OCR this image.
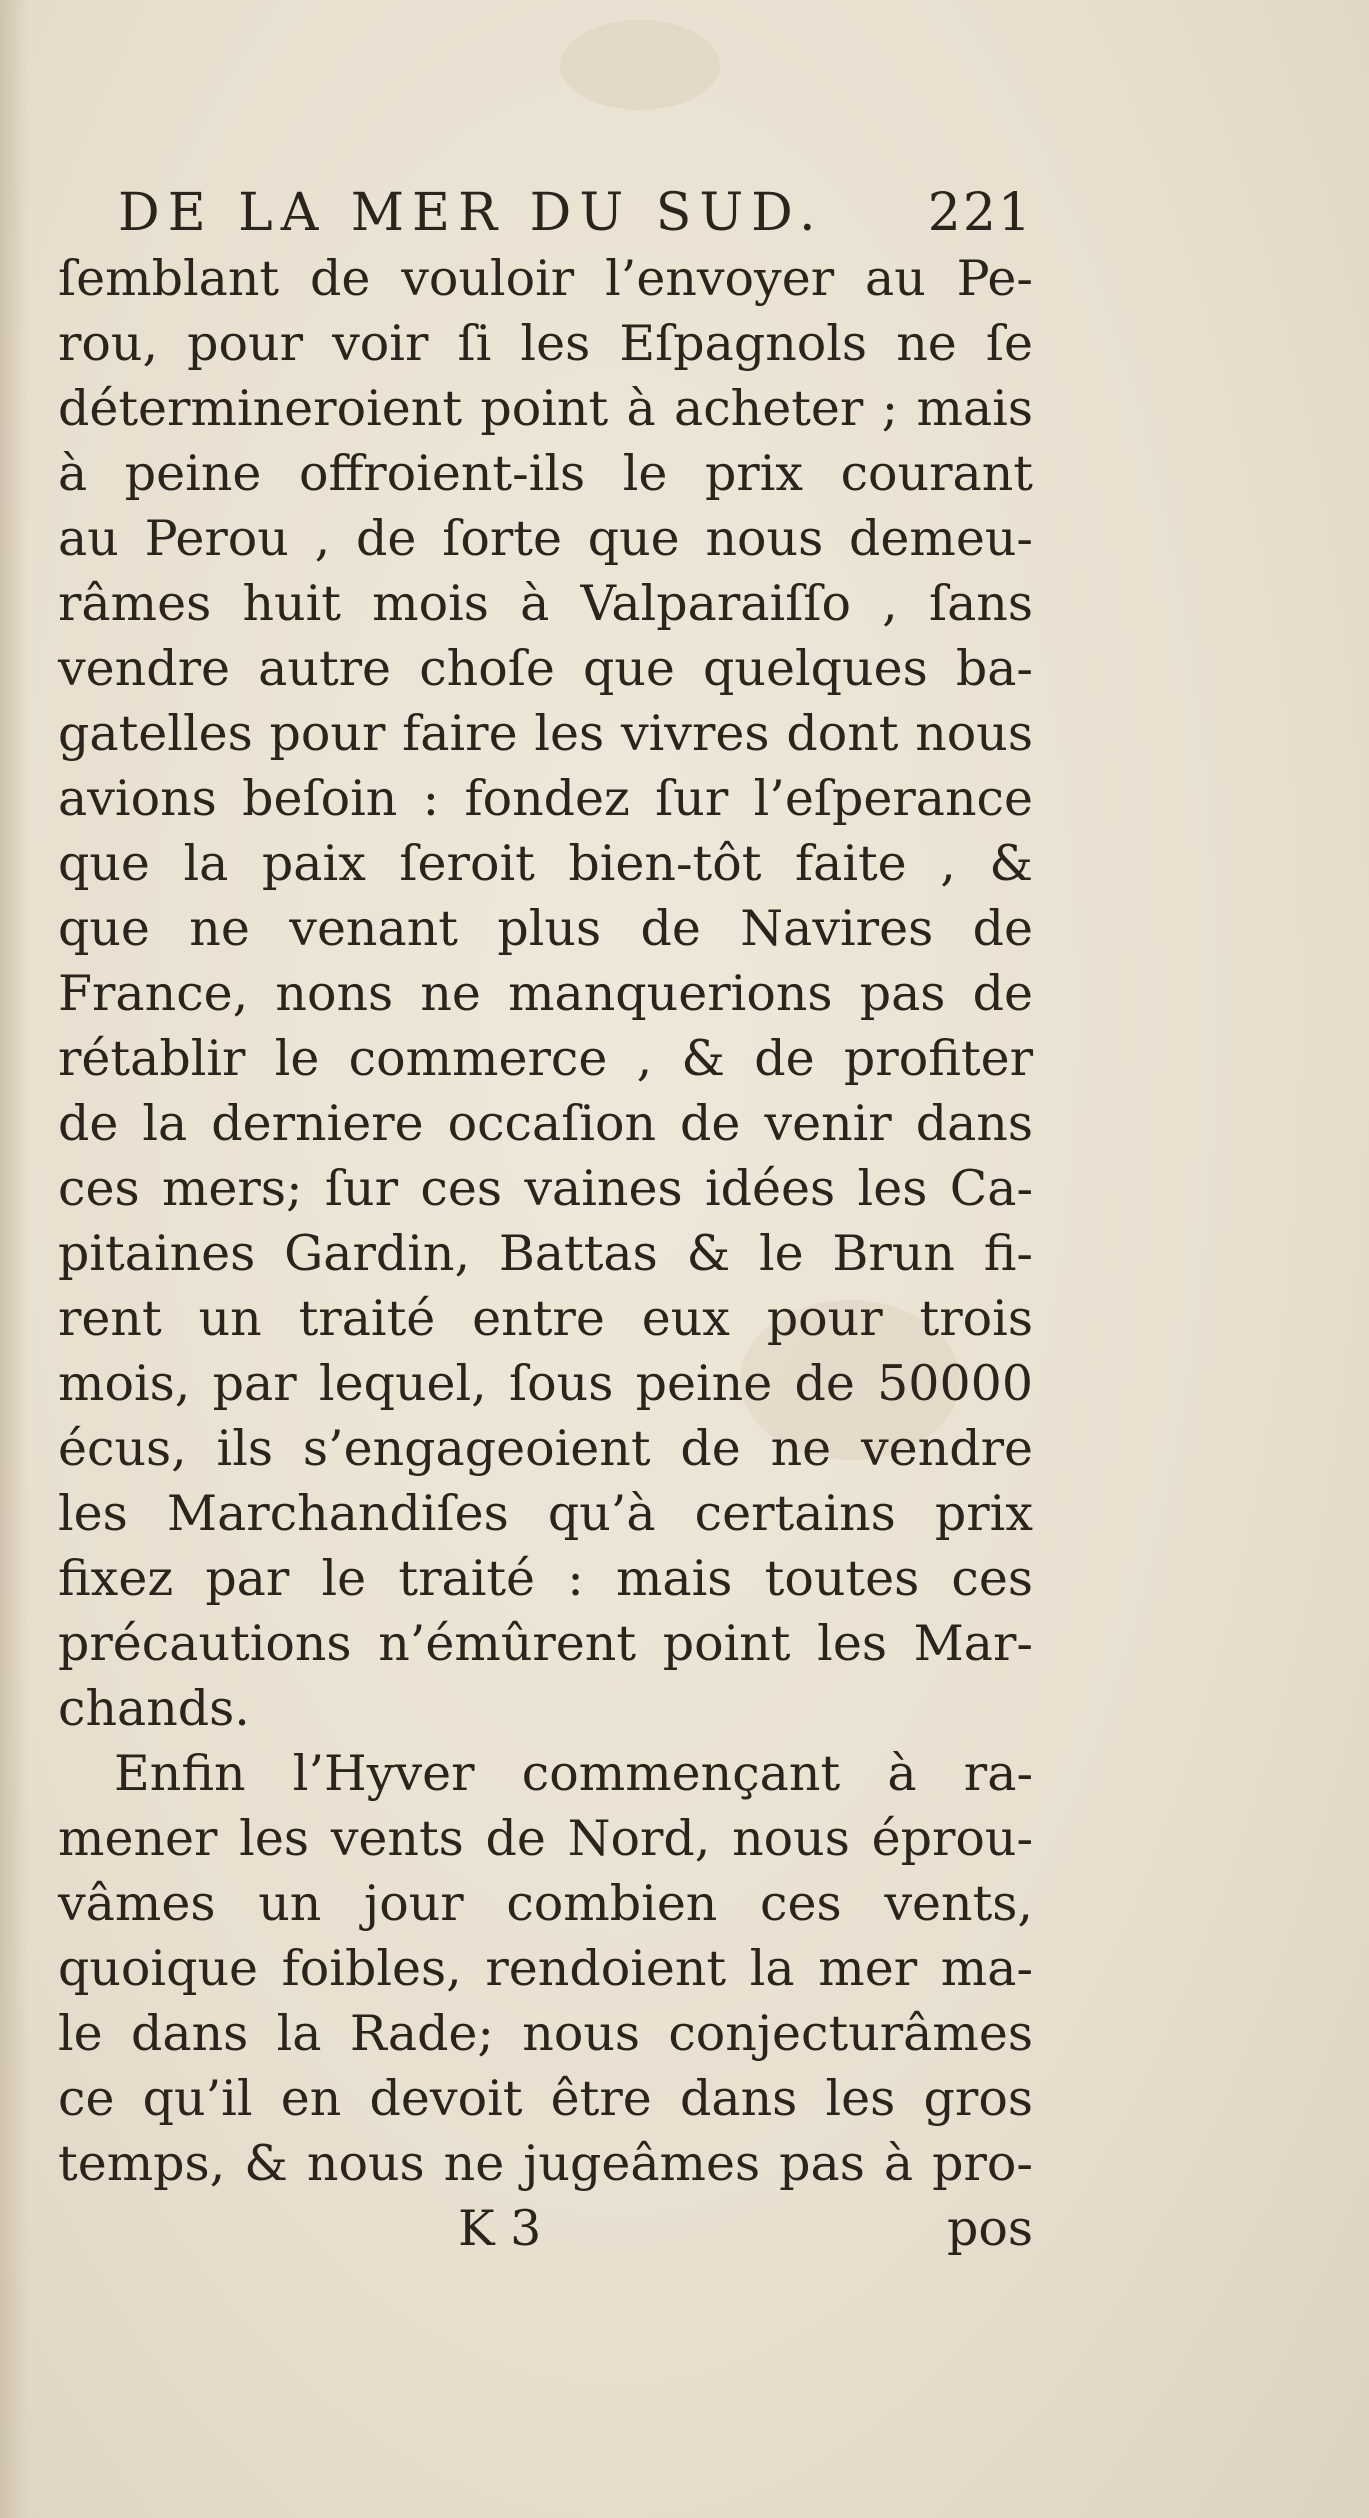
DE LA MER DU SUD. 221
ſemblant de vouloir l’envoyer au Pe-
rou, pour voir ſi les Eſpagnols ne ſe
détermineroient point à acheter ; mais
à peine offroient-ils le prix courant
au Perou , de ſorte que nous demeu-
râmes huit mois à Valparaiſſo , ſans
vendre autre choſe que quelques ba-
gatelles pour faire les vivres dont nous
avions beſoin : fondez ſur l’eſperance
que la paix ſeroit bien-tôt faite , &
que ne venant plus de Navires de
France, nons ne manquerions pas de
rétablir le commerce , & de profiter
de la derniere occaſion de venir dans
ces mers; ſur ces vaines idées les Ca-
pitaines Gardin, Battas & le Brun fi-
rent un traité entre eux pour trois
mois, par lequel, ſous peine de 50000
écus, ils s’engageoient de ne vendre
les Marchandiſes qu’à certains prix
fixez par le traité : mais toutes ces
précautions n’émûrent point les Mar-
chands.
Enfin l’Hyver commençant à ra-
mener les vents de Nord, nous éprou-
vâmes un jour combien ces vents,
quoique foibles, rendoient la mer ma-
le dans la Rade; nous conjecturâmes
ce qu’il en devoit être dans les gros
temps, & nous ne jugeâmes pas à pro-
K 3	pos
